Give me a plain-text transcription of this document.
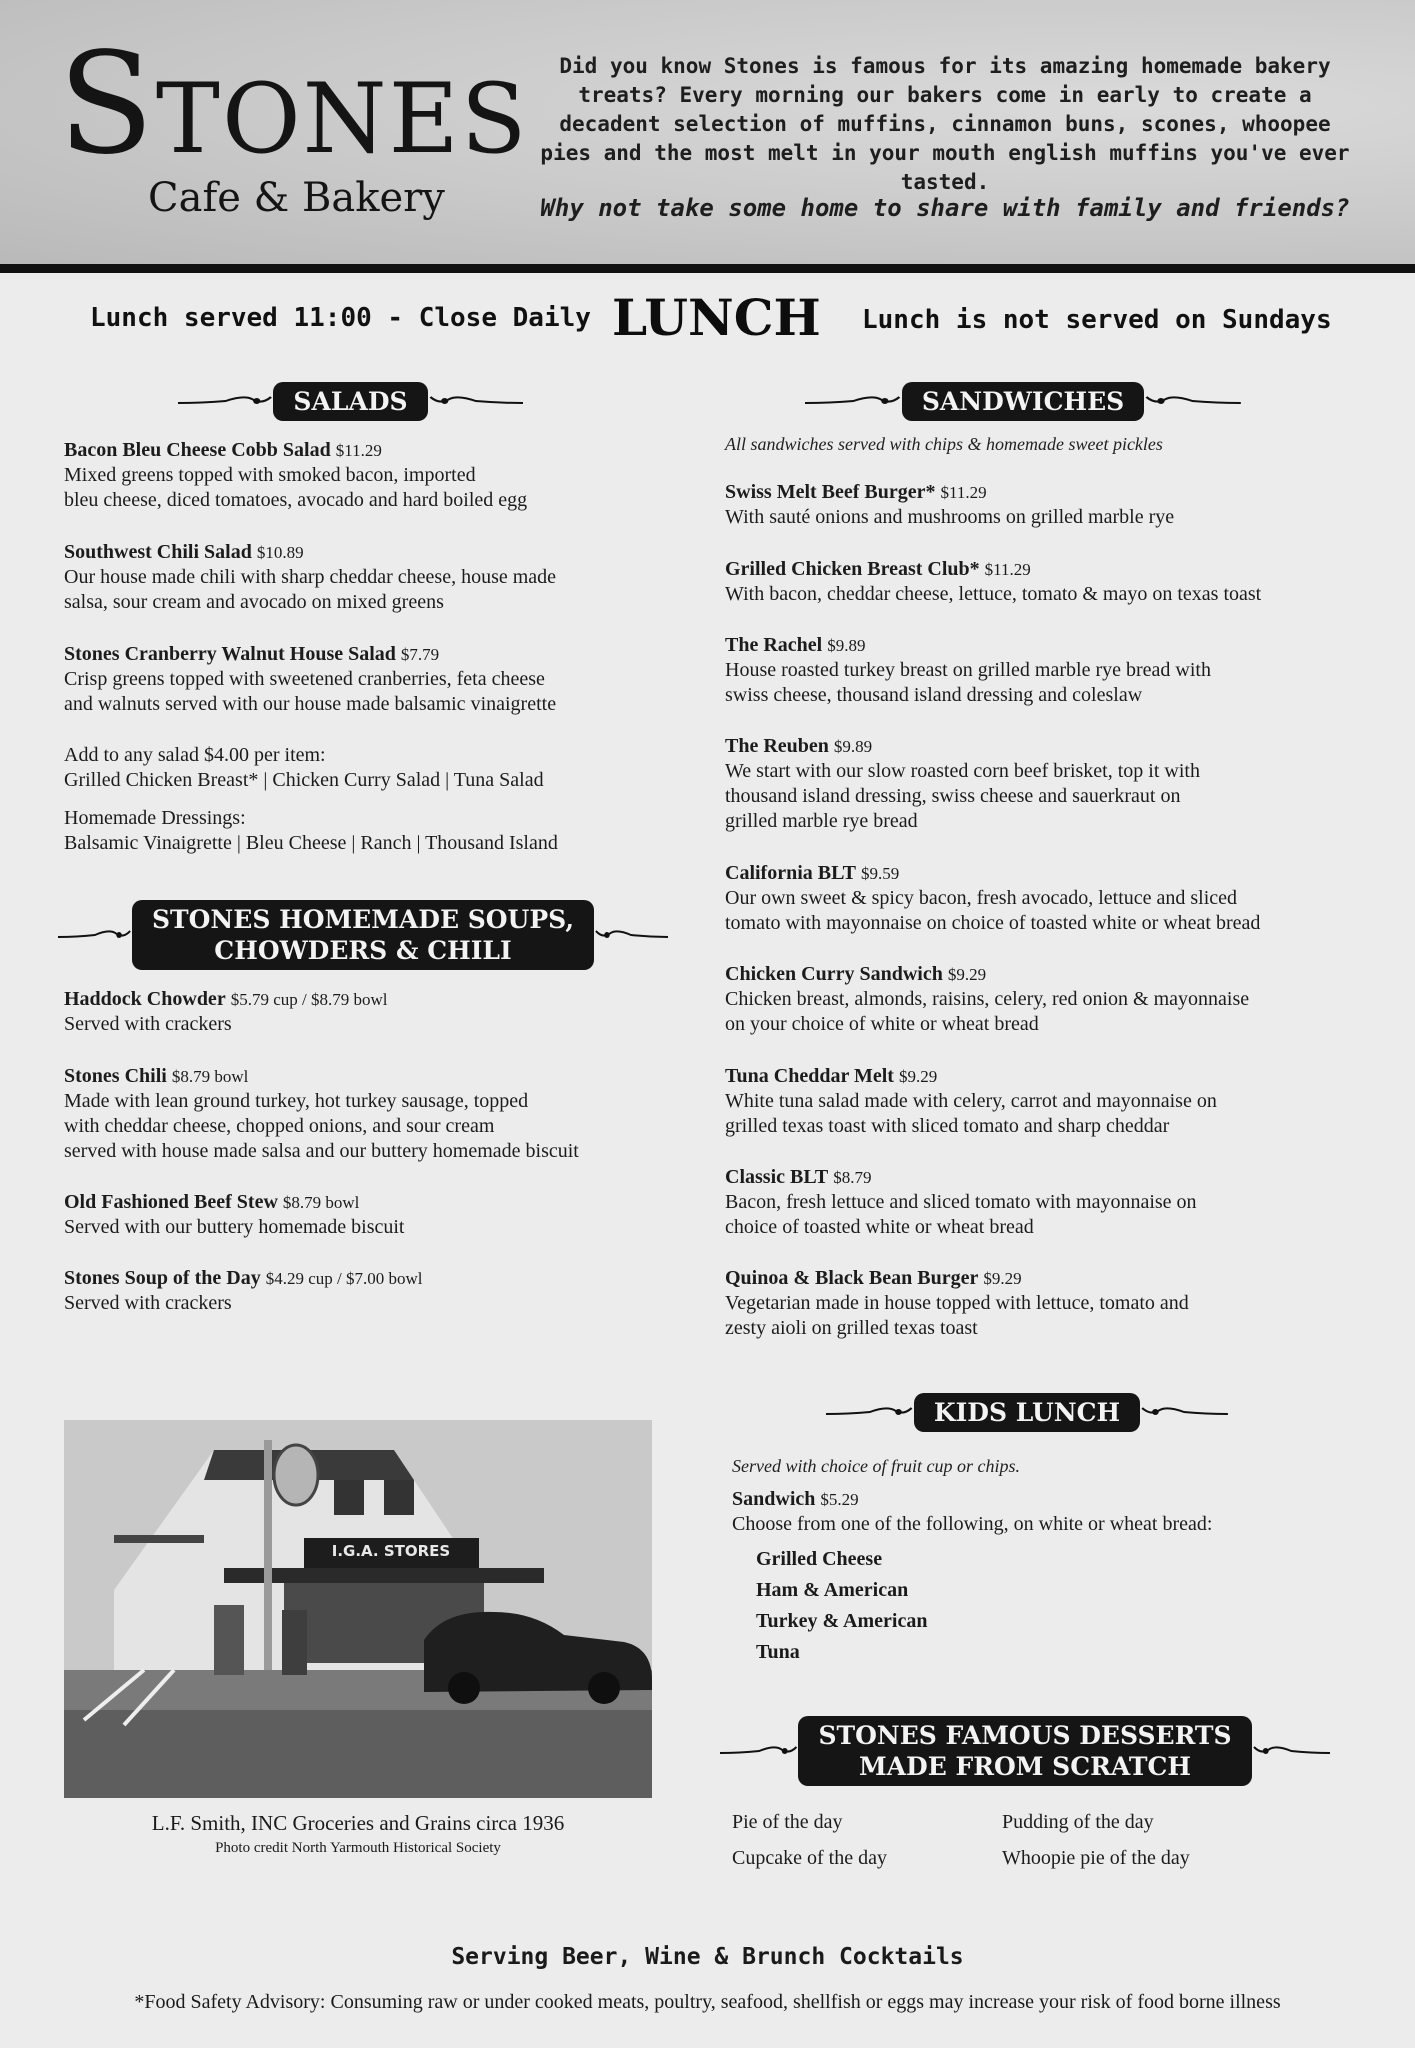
STONES
Cafe & Bakery
Did you know Stones is famous for its amazing homemade bakery treats? Every morning our bakers come in early to create a decadent selection of muffins, cinnamon buns, scones, whoopee pies and the most melt in your mouth english muffins you've ever tasted.
Why not take some home to share with family and friends?
Lunch served 11:00 - Close Daily LUNCH Lunch is not served on Sundays
SALADS
Bacon Bleu Cheese Cobb Salad $11.29
Mixed greens topped with smoked bacon, imported
bleu cheese, diced tomatoes, avocado and hard boiled egg
Southwest Chili Salad $10.89
Our house made chili with sharp cheddar cheese, house made
salsa, sour cream and avocado on mixed greens
Stones Cranberry Walnut House Salad $7.79
Crisp greens topped with sweetened cranberries, feta cheese
and walnuts served with our house made balsamic vinaigrette
Add to any salad $4.00 per item:
Grilled Chicken Breast* | Chicken Curry Salad | Tuna Salad
Homemade Dressings:
Balsamic Vinaigrette | Bleu Cheese | Ranch | Thousand Island
STONES HOMEMADE SOUPS,
CHOWDERS & CHILI
Haddock Chowder $5.79 cup / $8.79 bowl
Served with crackers
Stones Chili $8.79 bowl
Made with lean ground turkey, hot turkey sausage, topped
with cheddar cheese, chopped onions, and sour cream
served with house made salsa and our buttery homemade biscuit
Old Fashioned Beef Stew $8.79 bowl
Served with our buttery homemade biscuit
Stones Soup of the Day $4.29 cup / $7.00 bowl
Served with crackers
SANDWICHES
All sandwiches served with chips & homemade sweet pickles
Swiss Melt Beef Burger* $11.29
With sauté onions and mushrooms on grilled marble rye
Grilled Chicken Breast Club* $11.29
With bacon, cheddar cheese, lettuce, tomato & mayo on texas toast
The Rachel $9.89
House roasted turkey breast on grilled marble rye bread with
swiss cheese, thousand island dressing and coleslaw
The Reuben $9.89
We start with our slow roasted corn beef brisket, top it with
thousand island dressing, swiss cheese and sauerkraut on
grilled marble rye bread
California BLT $9.59
Our own sweet & spicy bacon, fresh avocado, lettuce and sliced
tomato with mayonnaise on choice of toasted white or wheat bread
Chicken Curry Sandwich $9.29
Chicken breast, almonds, raisins, celery, red onion & mayonnaise
on your choice of white or wheat bread
Tuna Cheddar Melt $9.29
White tuna salad made with celery, carrot and mayonnaise on
grilled texas toast with sliced tomato and sharp cheddar
Classic BLT $8.79
Bacon, fresh lettuce and sliced tomato with mayonnaise on
choice of toasted white or wheat bread
Quinoa & Black Bean Burger $9.29
Vegetarian made in house topped with lettuce, tomato and
zesty aioli on grilled texas toast
KIDS LUNCH
Served with choice of fruit cup or chips.
Sandwich $5.29
Choose from one of the following, on white or wheat bread:
Grilled Cheese
Ham & American
Turkey & American
Tuna
STONES FAMOUS DESSERTS
MADE FROM SCRATCH
Pie of the day	Pudding of the day
Cupcake of the day	Whoopie pie of the day
I.G.A. STORES
L.F. Smith, INC Groceries and Grains circa 1936
Photo credit North Yarmouth Historical Society
Serving Beer, Wine & Brunch Cocktails
*Food Safety Advisory: Consuming raw or under cooked meats, poultry, seafood, shellfish or eggs may increase your risk of food borne illness
